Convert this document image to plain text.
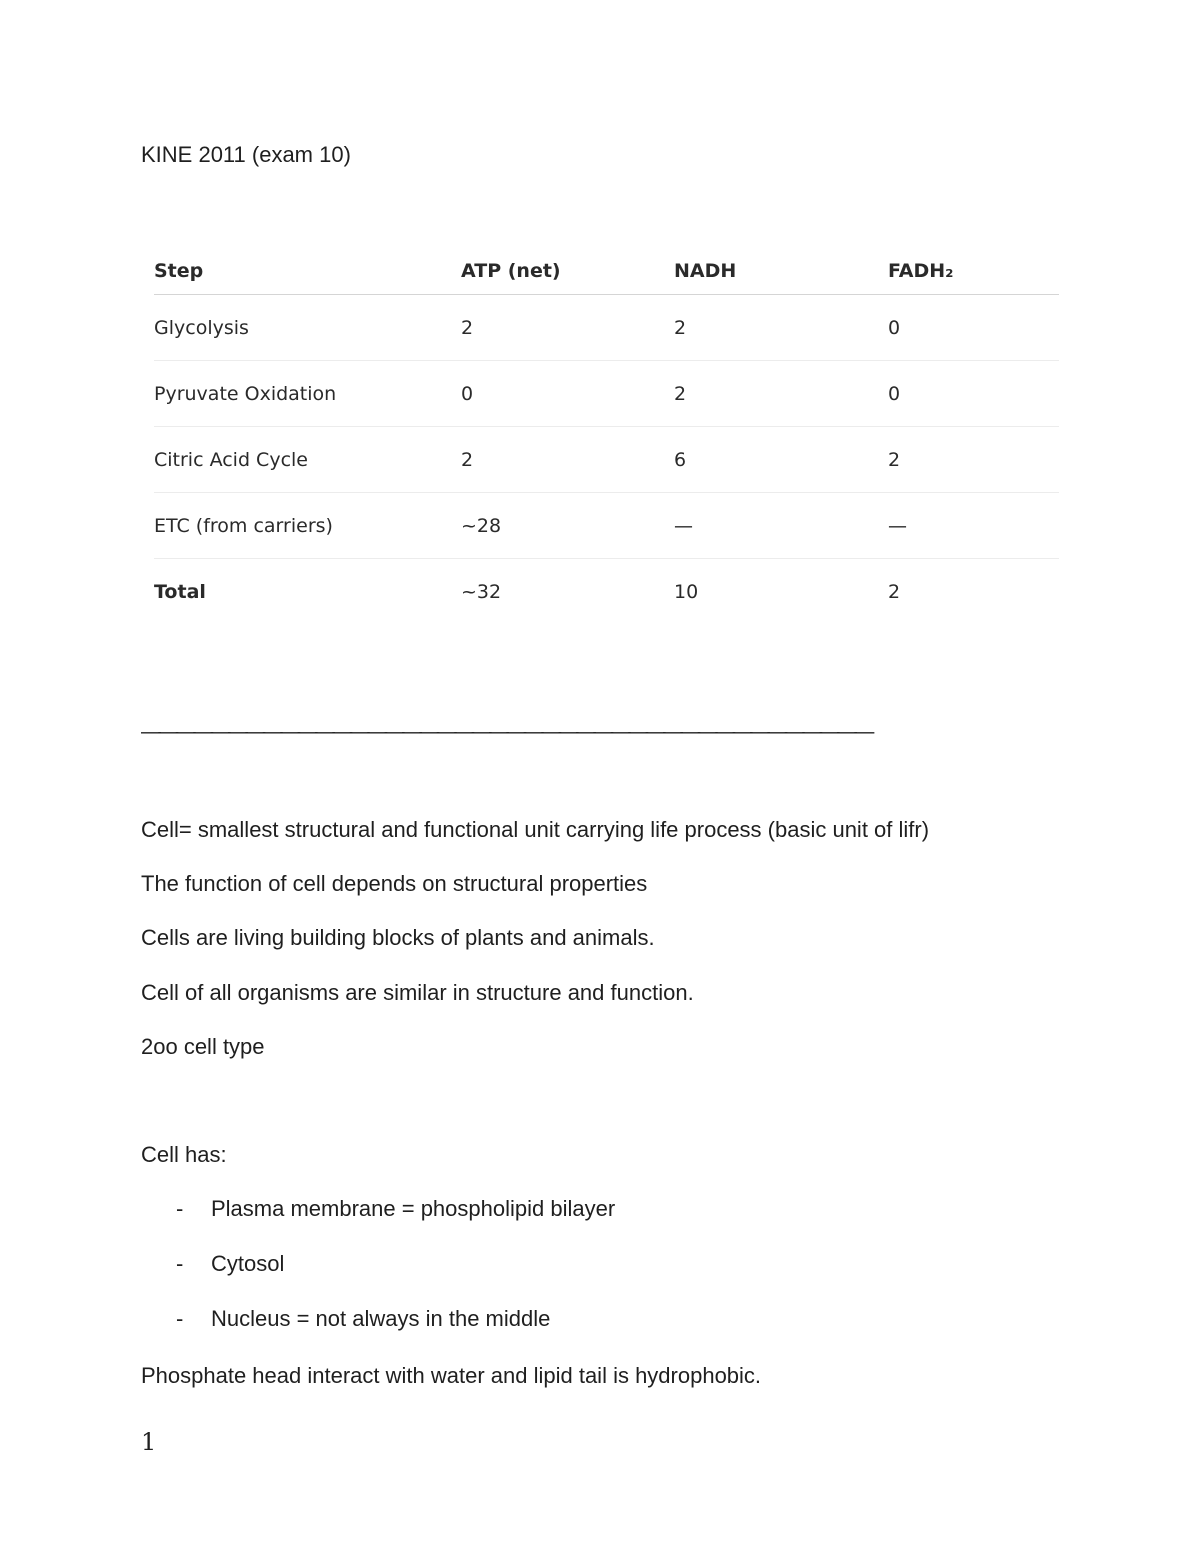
KINE 2011 (exam 10)
Step	ATP (net)	NADH	FADH₂
Glycolysis	2	2	0
Pyruvate Oxidation	0	2	0
Citric Acid Cycle	2	6	2
ETC (from carriers)	~28	—	—
Total	~32	10	2

——————————————————————————————————————————

Cell= smallest structural and functional unit carrying life process (basic unit of lifr)

The function of cell depends on structural properties

Cells are living building blocks of plants and animals.

Cell of all organisms are similar in structure and function.

2oo cell type

Cell has:

- Plasma membrane = phospholipid bilayer

- Cytosol

- Nucleus = not always in the middle

Phosphate head interact with water and lipid tail is hydrophobic.

1
